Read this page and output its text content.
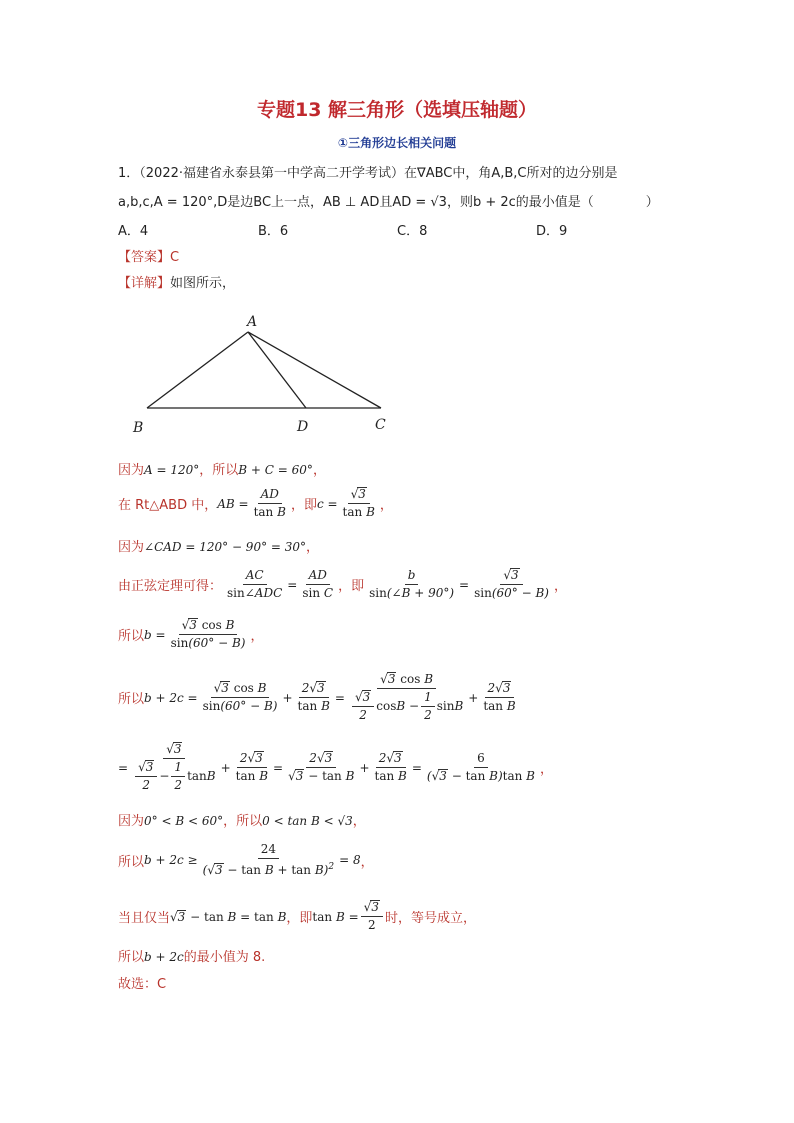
专题13 解三角形（选填压轴题）
①三角形边长相关问题
1．（2022·福建省永泰县第一中学高二开学考试）在∇ABC中，角A,B,C所对的边分别是
a,b,c,A = 120°,D是边BC上一点，AB ⊥ AD且AD = √3，则b + 2c的最小值是（　　　　）
A．4	B．6	C．8	D．9
【答案】C
【详解】如图所示，
A
B	D	C
因为A = 120°，所以B + C = 60°，
在 Rt△ABD 中， AB = $\frac{AD}{\text{tan B}}$ ，即 $c = \frac{√3}{\text{tan B}}$ ，
因为∠CAD = 120° − 90° = 30°，
由正弦定理可得： $\frac{AC}{\text{sin∠ADC}} = \frac{AD}{\text{sin C}}$ ，即 $\frac{b}{\sin(\angle B + 90^\circ)} = \frac{√3}{\sin(60^\circ - B)}$ ，
所以 $b = \frac{\text{√3 cos B}}{\sin(60^\circ - B)}$ ，
所以 $b + 2c = \frac{\text{√3 cos B}}{\sin(60^\circ - B)} + \frac{2√3}{\text{tan B}} = \frac{\text{√3 cos B}}{\frac{√3}{2} \cos B - \frac{1}{2} \sin B} + \frac{2√3}{\text{tan B}}$
= $\frac{√3}{\frac{√3}{2} - \frac{1}{2} \tan B} + \frac{2√3}{\text{tan B}} = \frac{2√3}{\text{√3 − tan B}} + \frac{2√3}{\text{tan B}} = \frac{6}{\text{(√3 − tan B)tan B}}$ ，
因为0° < B < 60°，所以0 < tan B < √3，
所以 $b + 2c \ge \frac{24}{(√3 - \tan B + \tan B)^2} = 8$ ，
当且仅当 √3 − tan B = tan B ，即 $\tan B = \frac{√3}{2}$ 时，等号成立，
所以b + 2c的最小值为 8.
故选：C
